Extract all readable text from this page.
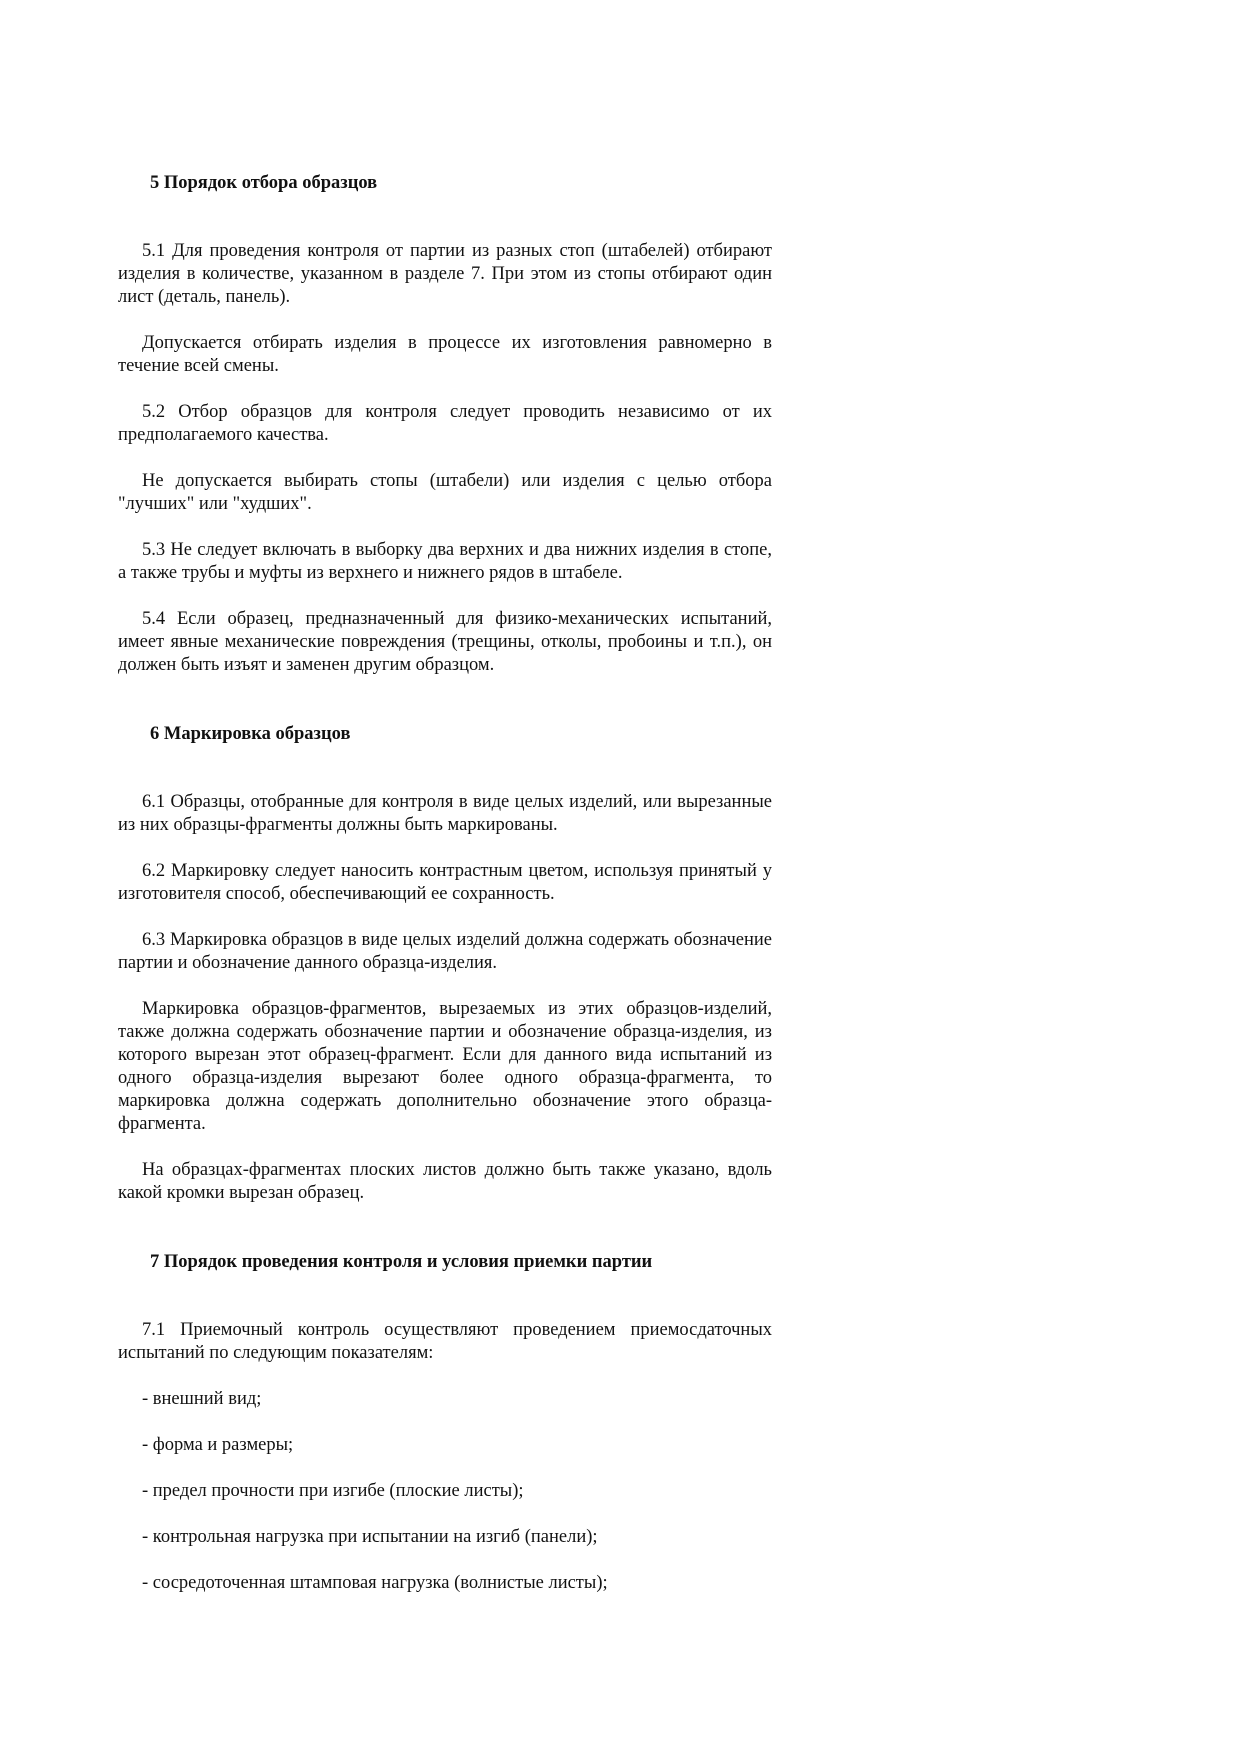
5 Порядок отбора образцов

5.1 Для проведения контроля от партии из разных стоп (штабелей) отбирают изделия в количестве, указанном в разделе 7. При этом из стопы отбирают один лист (деталь, панель).

Допускается отбирать изделия в процессе их изготовления равномерно в течение всей смены.

5.2 Отбор образцов для контроля следует проводить независимо от их предполагаемого качества.

Не допускается выбирать стопы (штабели) или изделия с целью отбора "лучших" или "худших".

5.3 Не следует включать в выборку два верхних и два нижних изделия в стопе, а также трубы и муфты из верхнего и нижнего рядов в штабеле.

5.4 Если образец, предназначенный для физико-механических испытаний, имеет явные механические повреждения (трещины, отколы, пробоины и т.п.), он должен быть изъят и заменен другим образцом.

6 Маркировка образцов

6.1 Образцы, отобранные для контроля в виде целых изделий, или вырезанные из них образцы-фрагменты должны быть маркированы.

6.2 Маркировку следует наносить контрастным цветом, используя принятый у изготовителя способ, обеспечивающий ее сохранность.

6.3 Маркировка образцов в виде целых изделий должна содержать обозначение партии и обозначение данного образца-изделия.

Маркировка образцов-фрагментов, вырезаемых из этих образцов-изделий, также должна содержать обозначение партии и обозначение образца-изделия, из которого вырезан этот образец-фрагмент. Если для данного вида испытаний из одного образца-изделия вырезают более одного образца-фрагмента, то маркировка должна содержать дополнительно обозначение этого образца-фрагмента.

На образцах-фрагментах плоских листов должно быть также указано, вдоль какой кромки вырезан образец.

7 Порядок проведения контроля и условия приемки партии

7.1 Приемочный контроль осуществляют проведением приемосдаточных испытаний по следующим показателям:

- внешний вид;

- форма и размеры;

- предел прочности при изгибе (плоские листы);

- контрольная нагрузка при испытании на изгиб (панели);

- сосредоточенная штамповая нагрузка (волнистые листы);
